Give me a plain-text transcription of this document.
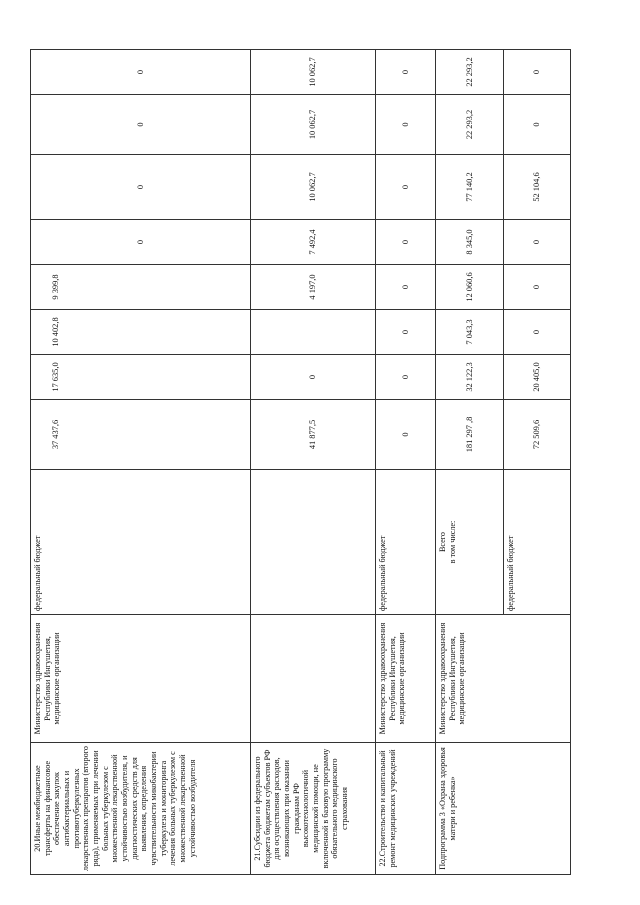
20.Иные межбюджетные трансферты на финансовое обеспечение закупок антибактериальных и противотуберкулезных лекарственных препаратов (второго ряда), применяемых при лечении больных туберкулезом с множественной лекарственной устойчивостью возбудителя, и диагностических средств для выявления, определения чувствительности микобактерии туберкулеза и мониторинга лечения больных туберкулезом с множественной лекарственной устойчивостью возбудителя	Министерство здравоохранения Республики Ингушетия, медицинские организации	федеральный бюджет	37 437,6	17 635,0	10 402,8	9 399,8	0	0	0	0
21.Субсидии из федерального бюджета бюджетам субъектов РФ для осуществления расходов, возникающих при оказании гражданам РФ высокотехнологичной медицинской помощи, не включенной в базовую программу обязательного медицинского страхования			41 877,5	0		4 197,0	7 492,4	10 062,7	10 062,7	10 062,7
22.Строительство и капитальный ремонт медицинских учреждений	Министерство здравоохранения Республики Ингушетия, медицинские организации	федеральный бюджет	0	0	0	0	0	0	0	0
Подпрограмма 3 «Охрана здоровья матери и ребенка»	Министерство здравоохранения Республики Ингушетия, медицинские организации	Всего
в том числе:	181 297 ,8	32 122,3	7 043,3	12 060,6	8 345,0	77 140,2	22 293,2	22 293,2
		федеральный бюджет	72 509,6	20 405,0	0	0	0	52 104,6	0	0
